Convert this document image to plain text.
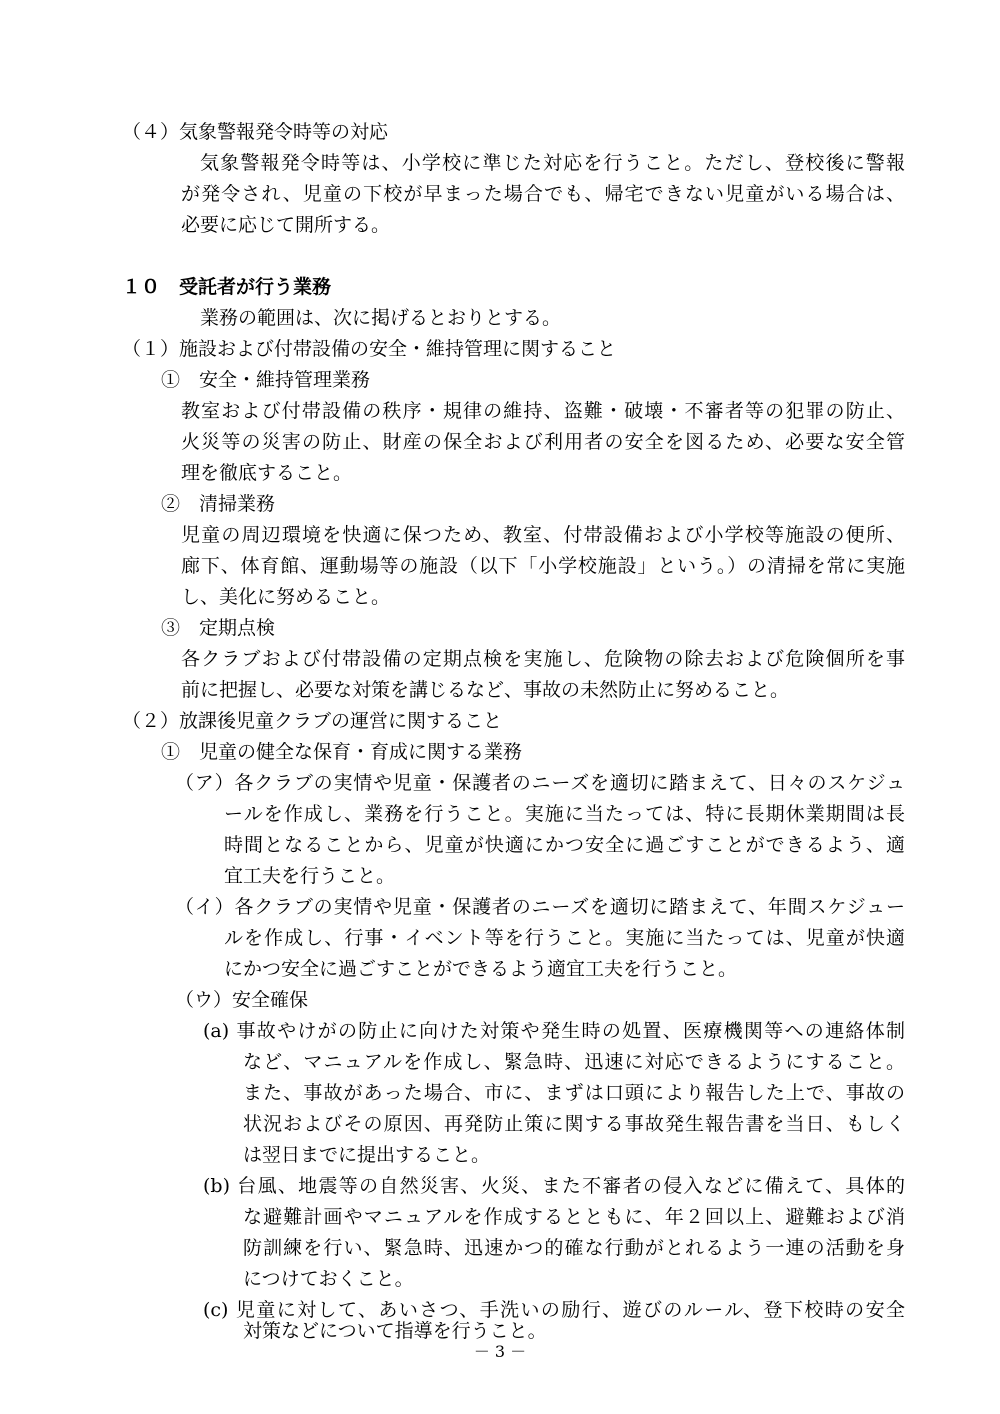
（４）気象警報発令時等の対応
気象警報発令時等は、小学校に準じた対応を行うこと。ただし、登校後に警報
が発令され、児童の下校が早まった場合でも、帰宅できない児童がいる場合は、
必要に応じて開所する。
１０　受託者が行う業務
業務の範囲は、次に掲げるとおりとする。
（１）施設および付帯設備の安全・維持管理に関すること
①　安全・維持管理業務
教室および付帯設備の秩序・規律の維持、盗難・破壊・不審者等の犯罪の防止、
火災等の災害の防止、財産の保全および利用者の安全を図るため、必要な安全管
理を徹底すること。
②　清掃業務
児童の周辺環境を快適に保つため、教室、付帯設備および小学校等施設の便所、
廊下、体育館、運動場等の施設（以下「小学校施設」という。）の清掃を常に実施
し、美化に努めること。
③　定期点検
各クラブおよび付帯設備の定期点検を実施し、危険物の除去および危険個所を事
前に把握し、必要な対策を講じるなど、事故の未然防止に努めること。
（２）放課後児童クラブの運営に関すること
①　児童の健全な保育・育成に関する業務
（ア）各クラブの実情や児童・保護者のニーズを適切に踏まえて、日々のスケジュ
ールを作成し、業務を行うこと。実施に当たっては、特に長期休業期間は長
時間となることから、児童が快適にかつ安全に過ごすことができるよう、適
宜工夫を行うこと。
（イ）各クラブの実情や児童・保護者のニーズを適切に踏まえて、年間スケジュー
ルを作成し、行事・イベント等を行うこと。実施に当たっては、児童が快適
にかつ安全に過ごすことができるよう適宜工夫を行うこと。
（ウ）安全確保
(a) 事故やけがの防止に向けた対策や発生時の処置、医療機関等への連絡体制
など、マニュアルを作成し、緊急時、迅速に対応できるようにすること。
また、事故があった場合、市に、まずは口頭により報告した上で、事故の
状況およびその原因、再発防止策に関する事故発生報告書を当日、もしく
は翌日までに提出すること。
(b) 台風、地震等の自然災害、火災、また不審者の侵入などに備えて、具体的
な避難計画やマニュアルを作成するとともに、年２回以上、避難および消
防訓練を行い、緊急時、迅速かつ的確な行動がとれるよう一連の活動を身
につけておくこと。
(c) 児童に対して、あいさつ、手洗いの励行、遊びのルール、登下校時の安全
対策などについて指導を行うこと。
－ 3 －
